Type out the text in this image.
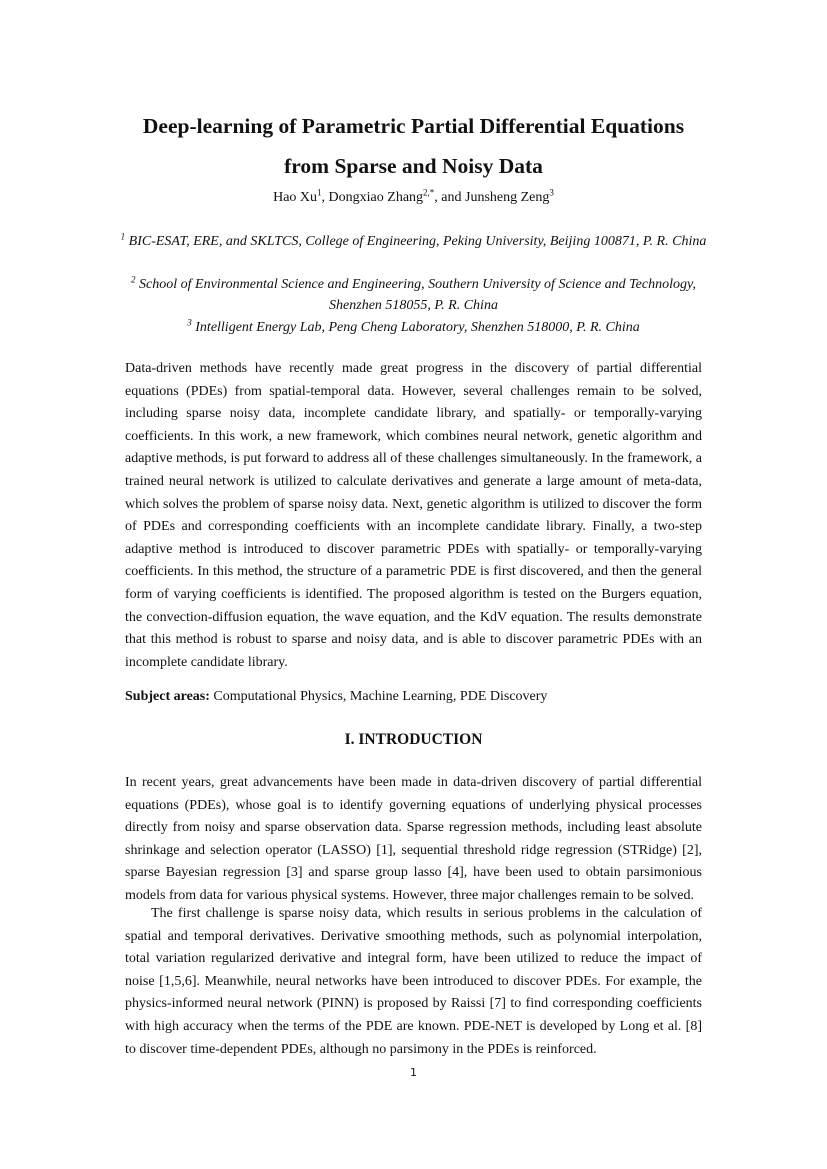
Deep-learning of Parametric Partial Differential Equations
from Sparse and Noisy Data
Hao Xu$^1$, Dongxiao Zhang$^{2,*}$, and Junsheng Zeng$^3$
$^1$ BIC-ESAT, ERE, and SKLTCS, College of Engineering, Peking University, Beijing 100871, P. R. China
$^2$ School of Environmental Science and Engineering, Southern University of Science and Technology, Shenzhen 518055, P. R. China
$^3$ Intelligent Energy Lab, Peng Cheng Laboratory, Shenzhen 518000, P. R. China

Data-driven methods have recently made great progress in the discovery of partial differential equations (PDEs) from spatial-temporal data. However, several challenges remain to be solved, including sparse noisy data, incomplete candidate library, and spatially- or temporally-varying coefficients. In this work, a new framework, which combines neural network, genetic algorithm and adaptive methods, is put forward to address all of these challenges simultaneously. In the framework, a trained neural network is utilized to calculate derivatives and generate a large amount of meta-data, which solves the problem of sparse noisy data. Next, genetic algorithm is utilized to discover the form of PDEs and corresponding coefficients with an incomplete candidate library. Finally, a two-step adaptive method is introduced to discover parametric PDEs with spatially- or temporally-varying coefficients. In this method, the structure of a parametric PDE is first discovered, and then the general form of varying coefficients is identified. The proposed algorithm is tested on the Burgers equation, the convection-diffusion equation, the wave equation, and the KdV equation. The results demonstrate that this method is robust to sparse and noisy data, and is able to discover parametric PDEs with an incomplete candidate library.

Subject areas: Computational Physics, Machine Learning, PDE Discovery
I. INTRODUCTION

In recent years, great advancements have been made in data-driven discovery of partial differential equations (PDEs), whose goal is to identify governing equations of underlying physical processes directly from noisy and sparse observation data. Sparse regression methods, including least absolute shrinkage and selection operator (LASSO) [1], sequential threshold ridge regression (STRidge) [2], sparse Bayesian regression [3] and sparse group lasso [4], have been used to obtain parsimonious models from data for various physical systems. However, three major challenges remain to be solved.

The first challenge is sparse noisy data, which results in serious problems in the calculation of spatial and temporal derivatives. Derivative smoothing methods, such as polynomial interpolation, total variation regularized derivative and integral form, have been utilized to reduce the impact of noise [1,5,6]. Meanwhile, neural networks have been introduced to discover PDEs. For example, the physics-informed neural network (PINN) is proposed by Raissi [7] to find corresponding coefficients with high accuracy when the terms of the PDE are known. PDE-NET is developed by Long et al. [8] to discover time-dependent PDEs, although no parsimony in the PDEs is reinforced.

1
